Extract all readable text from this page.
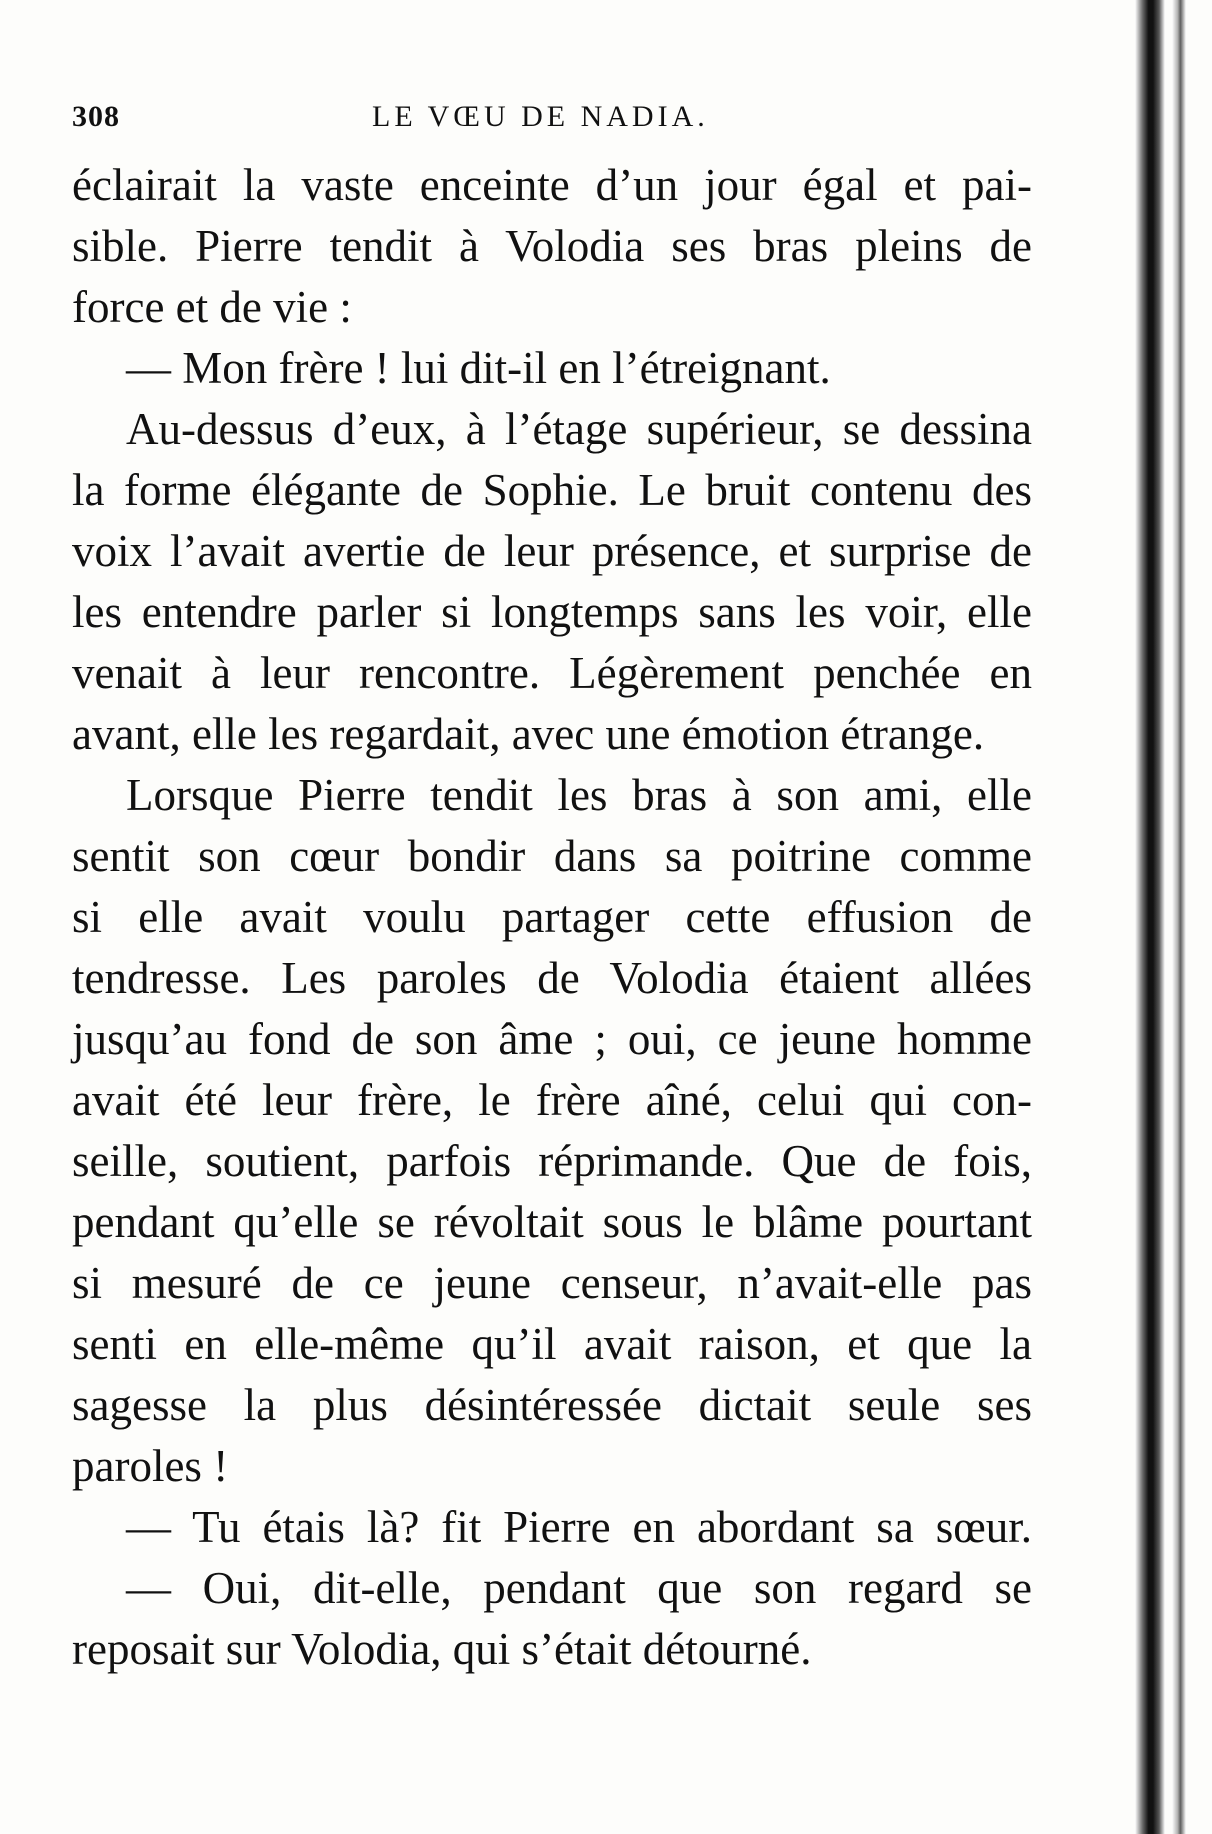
308	LE VŒU DE NADIA.
éclairait la vaste enceinte d’un jour égal et pai-
sible. Pierre tendit à Volodia ses bras pleins de
force et de vie :
— Mon frère ! lui dit-il en l’étreignant.
Au-dessus d’eux, à l’étage supérieur, se dessina
la forme élégante de Sophie. Le bruit contenu des
voix l’avait avertie de leur présence, et surprise de
les entendre parler si longtemps sans les voir, elle
venait à leur rencontre. Légèrement penchée en
avant, elle les regardait, avec une émotion étrange.
Lorsque Pierre tendit les bras à son ami, elle
sentit son cœur bondir dans sa poitrine comme
si elle avait voulu partager cette effusion de
tendresse. Les paroles de Volodia étaient allées
jusqu’au fond de son âme ; oui, ce jeune homme
avait été leur frère, le frère aîné, celui qui con-
seille, soutient, parfois réprimande. Que de fois,
pendant qu’elle se révoltait sous le blâme pourtant
si mesuré de ce jeune censeur, n’avait-elle pas
senti en elle-même qu’il avait raison, et que la
sagesse la plus désintéressée dictait seule ses
paroles !
— Tu étais là? fit Pierre en abordant sa sœur.
— Oui, dit-elle, pendant que son regard se
reposait sur Volodia, qui s’était détourné.
